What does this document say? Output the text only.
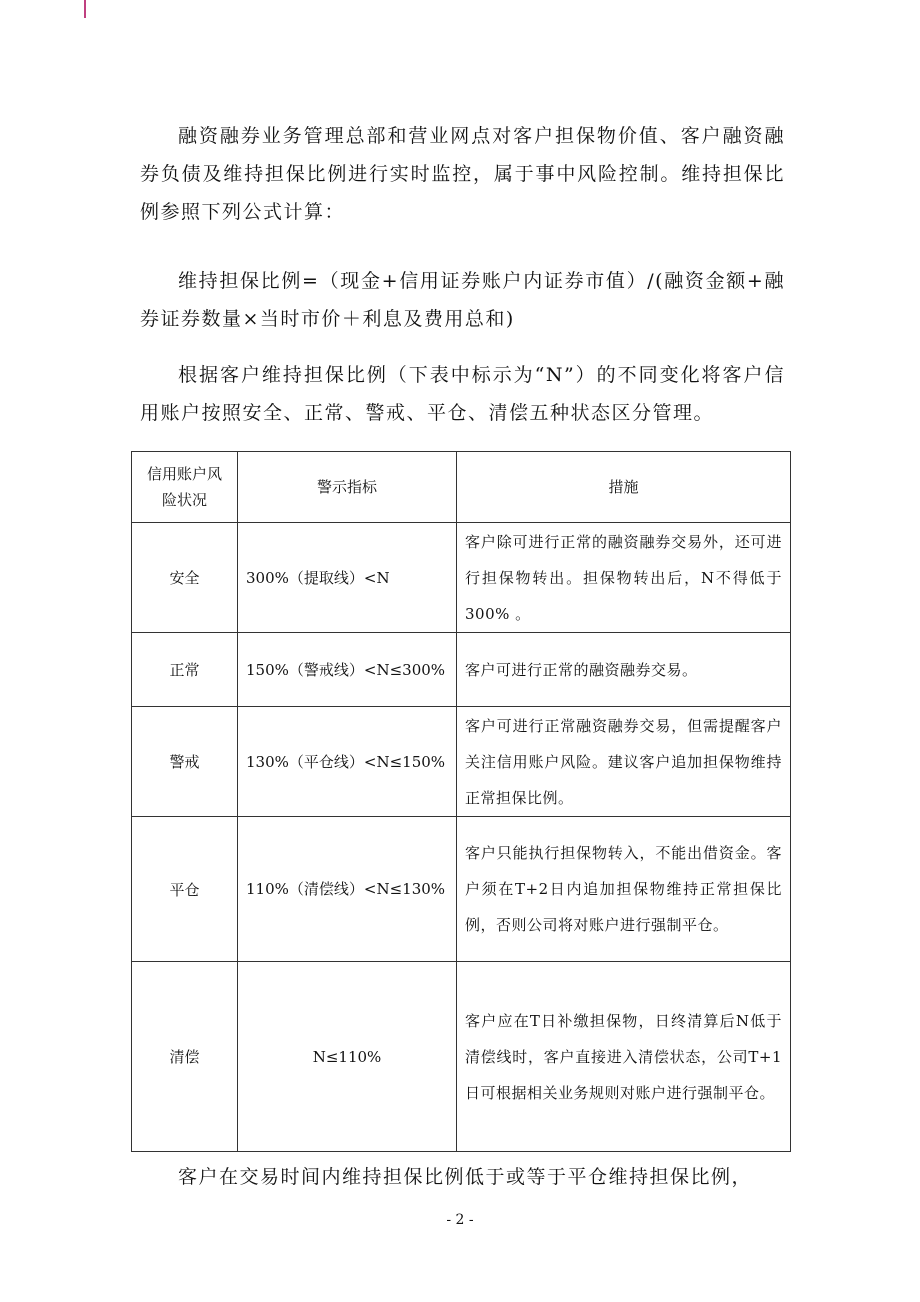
融资融券业务管理总部和营业网点对客户担保物价值、客户融资融券负债及维持担保比例进行实时监控，属于事中风险控制。维持担保比例参照下列公式计算：

维持担保比例=（现金+信用证券账户内证券市值）/(融资金额+融券证券数量×当时市价＋利息及费用总和)

根据客户维持担保比例（下表中标示为“N”）的不同变化将客户信用账户按照安全、正常、警戒、平仓、清偿五种状态区分管理。

信用账户风险状况	警示指标	措施
安全	300%（提取线）<N	客户除可进行正常的融资融券交易外，还可进行担保物转出。担保物转出后，N不得低于300% 。
正常	150%（警戒线）<N≤300%	客户可进行正常的融资融券交易。
警戒	130%（平仓线）<N≤150%	客户可进行正常融资融券交易，但需提醒客户关注信用账户风险。建议客户追加担保物维持正常担保比例。
平仓	110%（清偿线）<N≤130%	客户只能执行担保物转入，不能出借资金。客户须在T+2日内追加担保物维持正常担保比例，否则公司将对账户进行强制平仓。
清偿	N≤110%	客户应在T日补缴担保物，日终清算后N低于清偿线时，客户直接进入清偿状态，公司T+1日可根据相关业务规则对账户进行强制平仓。

客户在交易时间内维持担保比例低于或等于平仓维持担保比例，

- 2 -
